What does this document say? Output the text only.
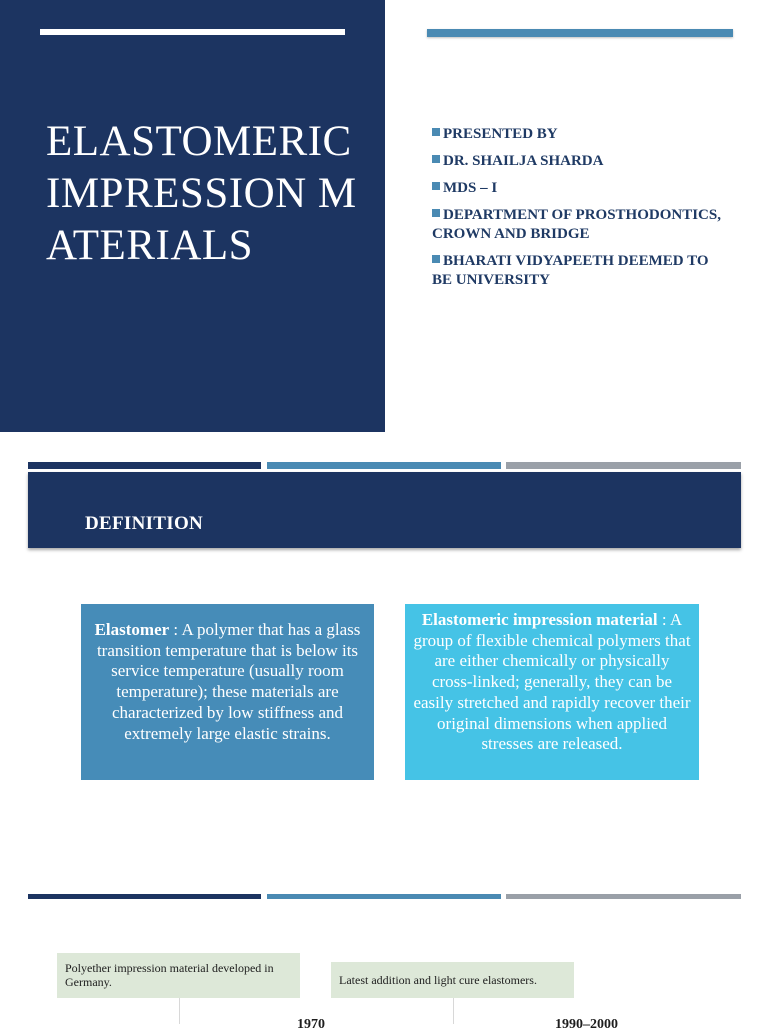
ELASTOMERIC IMPRESSION MATERIALS
PRESENTED BY
DR. SHAILJA SHARDA
MDS – I
DEPARTMENT OF PROSTHODONTICS, CROWN AND BRIDGE
BHARATI VIDYAPEETH DEEMED TO BE UNIVERSITY
DEFINITION
Elastomer : A polymer that has a glass transition temperature that is below its service temperature (usually room temperature); these materials are characterized by low stiffness and extremely large elastic strains.
Elastomeric impression material : A group of flexible chemical polymers that are either chemically or physically cross-linked; generally, they can be easily stretched and rapidly recover their original dimensions when applied stresses are released.
Polyether impression material developed in Germany.	Latest addition and light cure elastomers.
1970	1990–2000
